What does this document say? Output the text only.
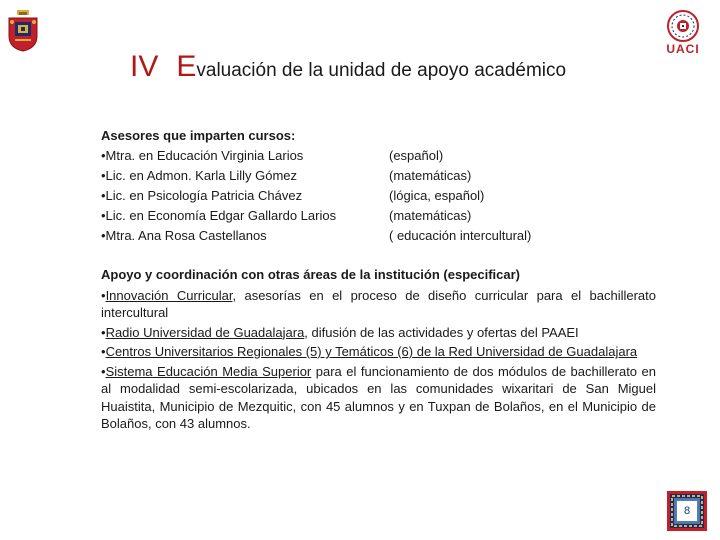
UACI
IV Evaluación de la unidad de apoyo académico
Asesores que imparten cursos:
•Mtra. en Educación Virginia Larios
•Lic. en Admon. Karla Lilly Gómez
•Lic. en Psicología Patricia Chávez
•Lic. en Economía Edgar Gallardo Larios
•Mtra. Ana Rosa Castellanos
(español)
(matemáticas)
(lógica, español)
(matemáticas)
( educación intercultural)

Apoyo y coordinación con otras áreas de la institución (especificar)

•Innovación Curricular, asesorías en el proceso de diseño curricular para el bachillerato intercultural

•Radio Universidad de Guadalajara, difusión de las actividades y ofertas del PAAEI

•Centros Universitarios Regionales (5) y Temáticos (6) de la Red Universidad de Guadalajara

•Sistema Educación Media Superior para el funcionamiento de dos módulos de bachillerato en al modalidad semi-escolarizada, ubicados en las comunidades wixaritari de San Miguel Huaistita, Municipio de Mezquitic, con 45 alumnos y en Tuxpan de Bolaños, en el Municipio de Bolaños, con 43 alumnos.

8
